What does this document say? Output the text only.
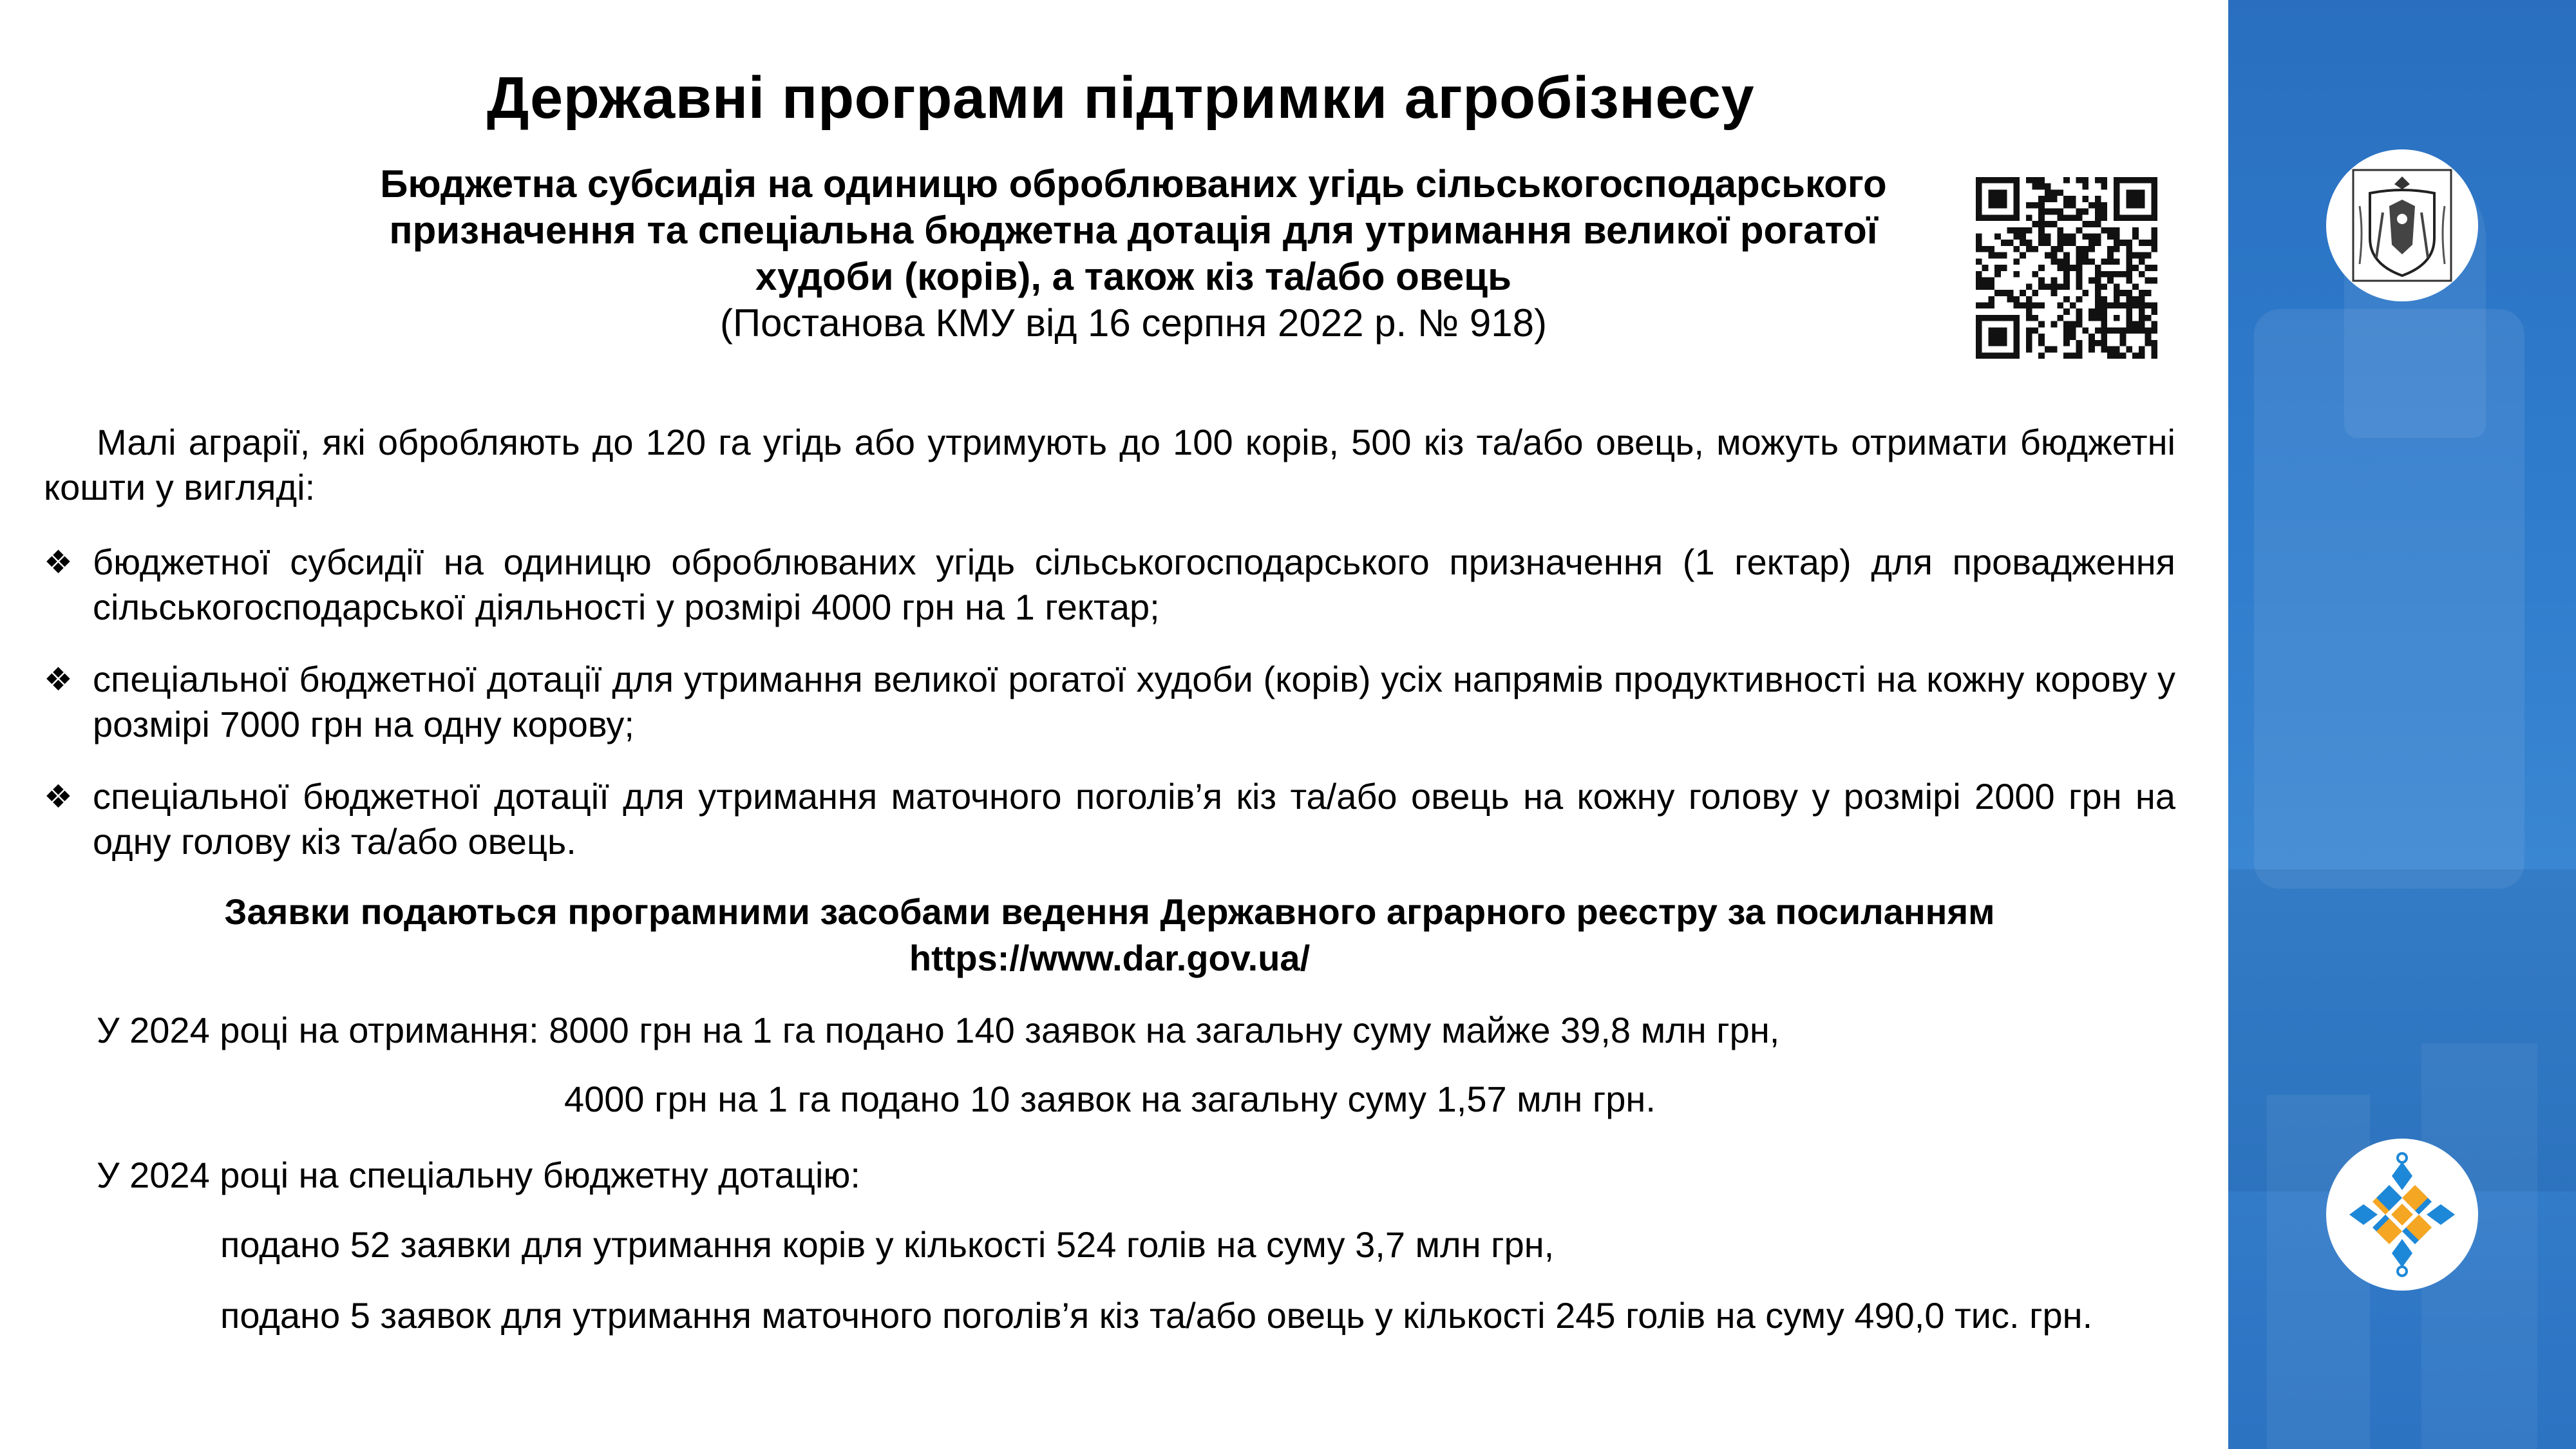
Державні програми підтримки агробізнесу
Бюджетна субсидія на одиницю оброблюваних угідь сільськогосподарського
призначення та спеціальна бюджетна дотація для утримання великої рогатої
худоби (корів), а також кіз та/або овець
(Постанова КМУ від 16 серпня 2022 р. № 918)

Малі аграрії, які обробляють до 120 га угідь або утримують до 100 корів, 500 кіз та/або овець, можуть отримати бюджетні кошти у вигляді:

❖ бюджетної субсидії на одиницю оброблюваних угідь сільськогосподарського призначення (1 гектар) для провадження сільськогосподарської діяльності у розмірі 4000 грн на 1 гектар;

❖ спеціальної бюджетної дотації для утримання великої рогатої худоби (корів) усіх напрямів продуктивності на кожну корову у розмірі 7000 грн на одну корову;

❖ спеціальної бюджетної дотації для утримання маточного поголів’я кіз та/або овець на кожну голову у розмірі 2000 грн на одну голову кіз та/або овець.

Заявки подаються програмними засобами ведення Державного аграрного реєстру за посиланням
https://www.dar.gov.ua/

У 2024 році на отримання: 8000 грн на 1 га подано 140 заявок на загальну суму майже 39,8 млн грн,

4000 грн на 1 га подано 10 заявок на загальну суму 1,57 млн грн.

У 2024 році на спеціальну бюджетну дотацію:

подано 52 заявки для утримання корів у кількості 524 голів на суму 3,7 млн грн,

подано 5 заявок для утримання маточного поголів’я кіз та/або овець у кількості 245 голів на суму 490,0 тис. грн.
